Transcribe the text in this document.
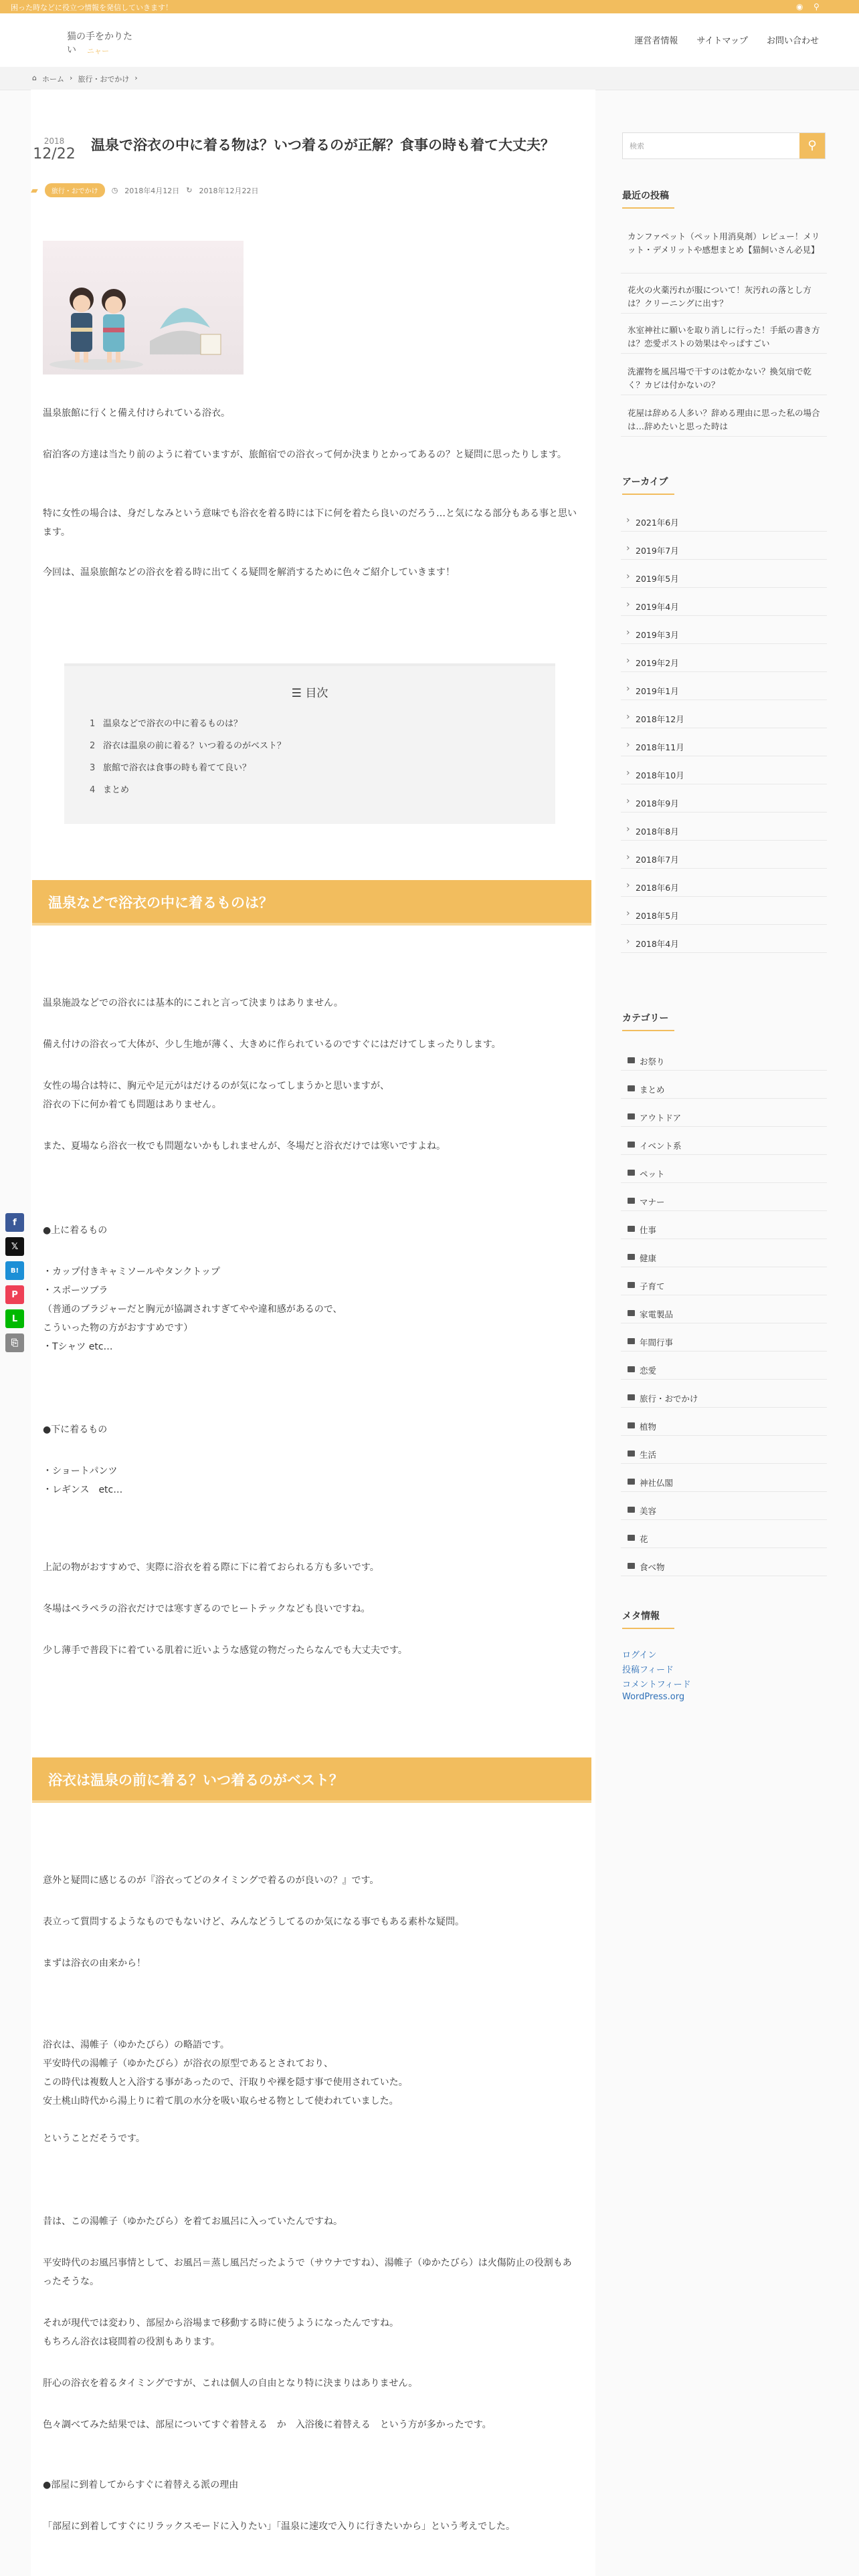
困った時などに役立つ情報を発信していきます！	◉ ⚲
猫の手をかりたい	ニャー
運営者情報 サイトマップ お問い合わせ
⌂ ホーム › 旅行・おでかけ ›
2018
12/22
温泉で浴衣の中に着る物は？いつ着るのが正解？食事の時も着て大丈夫？
▰	旅行・おでかけ	◷ 2018年4月12日 ↻ 2018年12月22日
温泉旅館に行くと備え付けられている浴衣。
宿泊客の方達は当たり前のように着ていますが、旅館宿での浴衣って何か決まりとかってあるの？と疑問に思ったりします。
特に女性の場合は、身だしなみという意味でも浴衣を着る時には下に何を着たら良いのだろう…と気になる部分もある事と思います。
今回は、温泉旅館などの浴衣を着る時に出てくる疑問を解消するために色々ご紹介していきます！
☰ 目次
1 温泉などで浴衣の中に着るものは？
2 浴衣は温泉の前に着る？いつ着るのがベスト？
3 旅館で浴衣は食事の時も着てて良い？
4 まとめ
温泉などで浴衣の中に着るものは？
温泉施設などでの浴衣には基本的にこれと言って決まりはありません。
備え付けの浴衣って大体が、少し生地が薄く、大きめに作られているのですぐにはだけてしまったりします。
女性の場合は特に、胸元や足元がはだけるのが気になってしまうかと思いますが、
浴衣の下に何か着ても問題はありません。
また、夏場なら浴衣一枚でも問題ないかもしれませんが、冬場だと浴衣だけでは寒いですよね。
●上に着るもの
・カップ付きキャミソールやタンクトップ
・スポーツブラ
（普通のブラジャーだと胸元が協調されすぎてやや違和感があるので、
こういった物の方がおすすめです）
・Tシャツ etc…
●下に着るもの
・ショートパンツ
・レギンス　etc…
上記の物がおすすめで、実際に浴衣を着る際に下に着ておられる方も多いです。
冬場はペラペラの浴衣だけでは寒すぎるのでヒートテックなども良いですね。
少し薄手で普段下に着ている肌着に近いような感覚の物だったらなんでも大丈夫です。
浴衣は温泉の前に着る？いつ着るのがベスト？
意外と疑問に感じるのが『浴衣ってどのタイミングで着るのが良いの？』です。
表立って質問するようなものでもないけど、みんなどうしてるのか気になる事でもある素朴な疑問。
まずは浴衣の由来から！
浴衣は、湯帷子（ゆかたびら）の略語です。
平安時代の湯帷子（ゆかたびら）が浴衣の原型であるとされており、
この時代は複数人と入浴する事があったので、汗取りや裸を隠す事で使用されていた。
安土桃山時代から湯上りに着て肌の水分を吸い取らせる物として使われていました。
ということだそうです。
昔は、この湯帷子（ゆかたびら）を着てお風呂に入っていたんですね。
平安時代のお風呂事情として、お風呂＝蒸し風呂だったようで（サウナですね）、湯帷子（ゆかたびら）は火傷防止の役割もあったそうな。
それが現代では変わり、部屋から浴場まで移動する時に使うようになったんですね。
もちろん浴衣は寝間着の役割もあります。
肝心の浴衣を着るタイミングですが、これは個人の自由となり特に決まりはありません。
色々調べてみた結果では、部屋についてすぐ着替える　か　入浴後に着替える　という方が多かったです。
●部屋に到着してからすぐに着替える派の理由
「部屋に到着してすぐにリラックスモードに入りたい」「温泉に速攻で入りに行きたいから」という考えでした。
f
𝕏
B!
P
L
⎘
検索	⚲
最近の投稿
カンファペット（ペット用消臭剤）レビュー！メリット・デメリットや感想まとめ【猫飼いさん必見】
花火の火薬汚れが服について！灰汚れの落とし方は？クリーニングに出す？
氷室神社に願いを取り消しに行った！手紙の書き方は？恋愛ポストの効果はやっぱすごい
洗濯物を風呂場で干すのは乾かない？換気扇で乾く？カビは付かないの？
花屋は辞める人多い？辞める理由に思った私の場合は…辞めたいと思った時は
アーカイブ
› 2021年6月
› 2019年7月
› 2019年5月
› 2019年4月
› 2019年3月
› 2019年2月
› 2019年1月
› 2018年12月
› 2018年11月
› 2018年10月
› 2018年9月
› 2018年8月
› 2018年7月
› 2018年6月
› 2018年5月
› 2018年4月
カテゴリー
お祭り
まとめ
アウトドア
イベント系
ペット
マナー
仕事
健康
子育て
家電製品
年間行事
恋愛
旅行・おでかけ
植物
生活
神社仏閣
美容
花
食べ物
メタ情報
ログイン
投稿フィード
コメントフィード
WordPress.org
